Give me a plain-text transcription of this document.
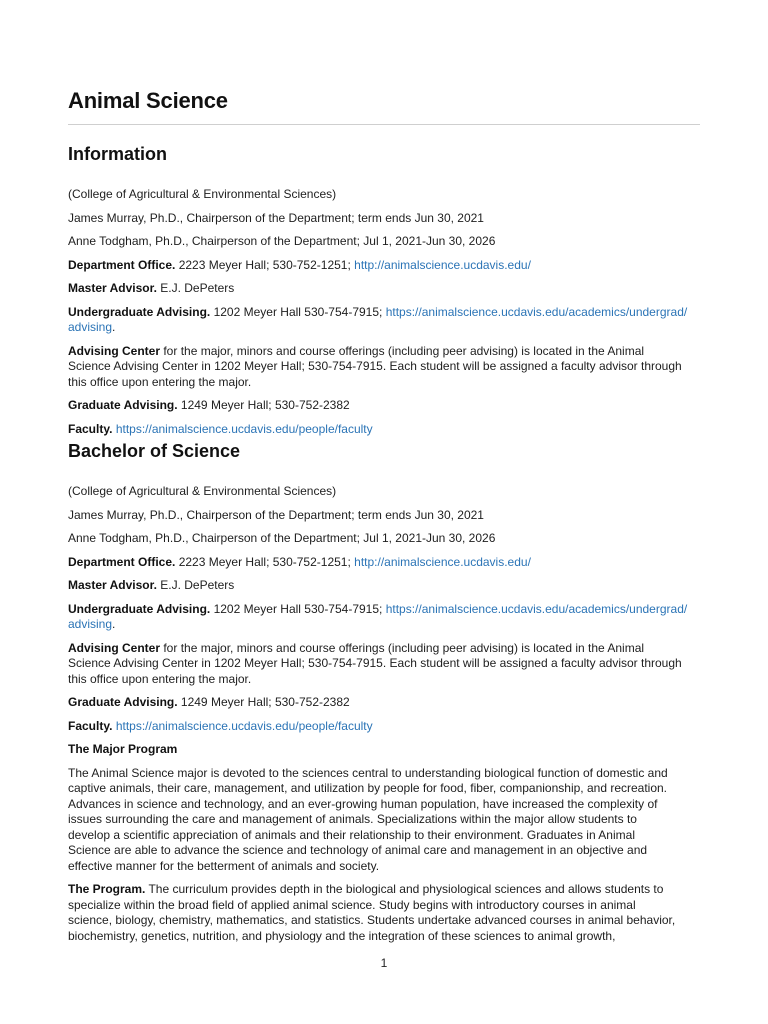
Animal Science
Information

(College of Agricultural & Environmental Sciences)

James Murray, Ph.D., Chairperson of the Department; term ends Jun 30, 2021

Anne Todgham, Ph.D., Chairperson of the Department; Jul 1, 2021-Jun 30, 2026

Department Office. 2223 Meyer Hall; 530-752-1251; http://animalscience.ucdavis.edu/

Master Advisor. E.J. DePeters

Undergraduate Advising. 1202 Meyer Hall 530-754-7915; https://animalscience.ucdavis.edu/academics/undergrad/
advising.

Advising Center for the major, minors and course offerings (including peer advising) is located in the Animal
Science Advising Center in 1202 Meyer Hall; 530-754-7915. Each student will be assigned a faculty advisor through
this office upon entering the major.

Graduate Advising. 1249 Meyer Hall; 530-752-2382

Faculty. https://animalscience.ucdavis.edu/people/faculty

Bachelor of Science

(College of Agricultural & Environmental Sciences)

James Murray, Ph.D., Chairperson of the Department; term ends Jun 30, 2021

Anne Todgham, Ph.D., Chairperson of the Department; Jul 1, 2021-Jun 30, 2026

Department Office. 2223 Meyer Hall; 530-752-1251; http://animalscience.ucdavis.edu/

Master Advisor. E.J. DePeters

Undergraduate Advising. 1202 Meyer Hall 530-754-7915; https://animalscience.ucdavis.edu/academics/undergrad/
advising.

Advising Center for the major, minors and course offerings (including peer advising) is located in the Animal
Science Advising Center in 1202 Meyer Hall; 530-754-7915. Each student will be assigned a faculty advisor through
this office upon entering the major.

Graduate Advising. 1249 Meyer Hall; 530-752-2382

Faculty. https://animalscience.ucdavis.edu/people/faculty

The Major Program

The Animal Science major is devoted to the sciences central to understanding biological function of domestic and
captive animals, their care, management, and utilization by people for food, fiber, companionship, and recreation.
Advances in science and technology, and an ever-growing human population, have increased the complexity of
issues surrounding the care and management of animals. Specializations within the major allow students to
develop a scientific appreciation of animals and their relationship to their environment. Graduates in Animal
Science are able to advance the science and technology of animal care and management in an objective and
effective manner for the betterment of animals and society.

The Program. The curriculum provides depth in the biological and physiological sciences and allows students to
specialize within the broad field of applied animal science. Study begins with introductory courses in animal
science, biology, chemistry, mathematics, and statistics. Students undertake advanced courses in animal behavior,
biochemistry, genetics, nutrition, and physiology and the integration of these sciences to animal growth,

1
